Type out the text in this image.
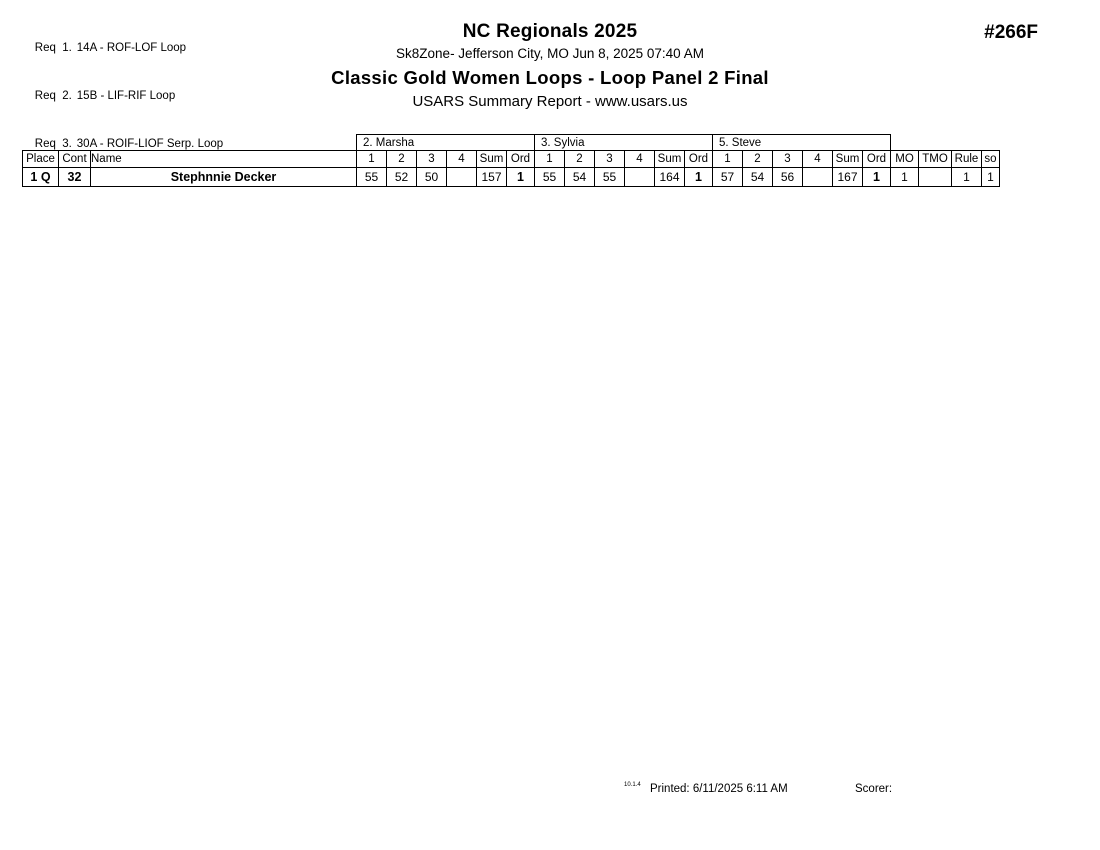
Req  1. 14A - ROF-LOF Loop

Req  2. 15B - LIF-RIF Loop

Req  3. 30A - ROIF-LIOF Serp. Loop

NC Regionals 2025
Sk8Zone- Jefferson City, MO Jun 8, 2025 07:40 AM
Classic Gold Women Loops - Loop Panel 2 Final
USARS Summary Report - www.usars.us
#266F
			2. Marsha						3. Sylvia						5. Steve									
Place	Cont	Name	1	2	3	4	Sum	Ord	1	2	3	4	Sum	Ord	1	2	3	4	Sum	Ord	MO	TMO	Rule	so
1 Q	32	Stephnnie Decker	55	52	50		157	1	55	54	55		164	1	57	54	56		167	1	1		1	1
10.1.4 Printed: 6/11/2025 6:11 AM	Scorer:
